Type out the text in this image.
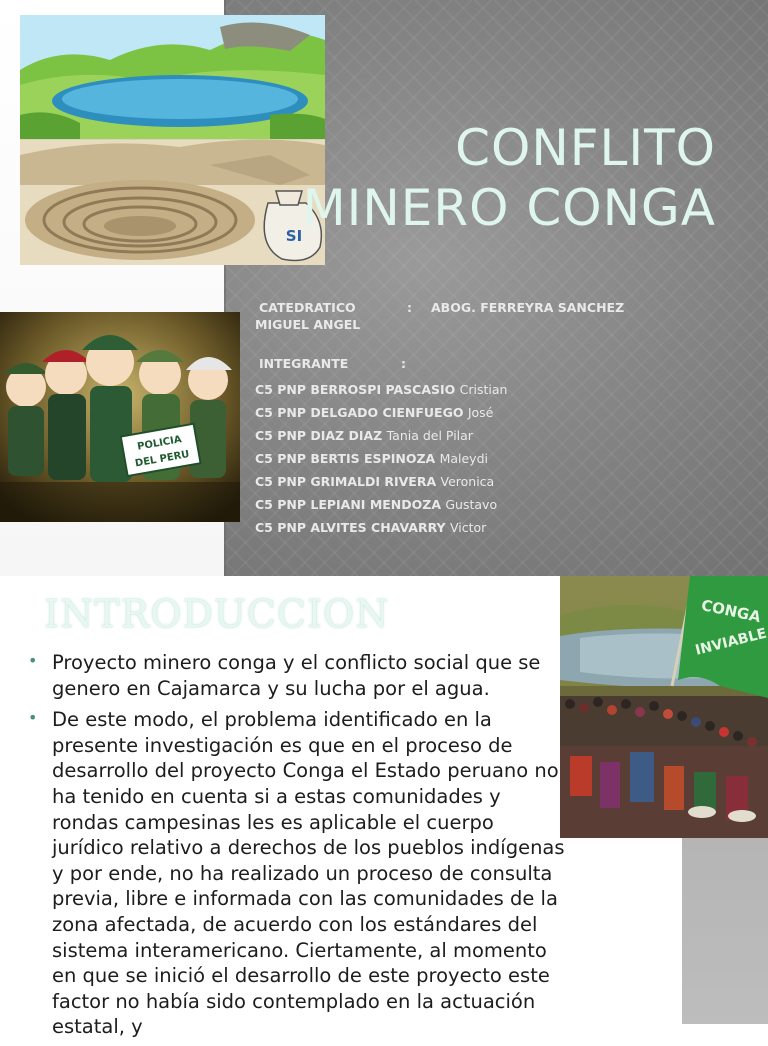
SI
POLICIA
DEL PERU
CONFLITO
MINERO CONGA
CATEDRATICO	: ABOG. FERREYRA SANCHEZ
MIGUEL ANGEL
INTEGRANTE	:
C5 PNP BERROSPI PASCASIO Cristian
C5 PNP DELGADO CIENFUEGO José
C5 PNP DIAZ DIAZ Tania del Pilar
C5 PNP BERTIS ESPINOZA Maleydi
C5 PNP GRIMALDI RIVERA Veronica
C5 PNP LEPIANI MENDOZA Gustavo
C5 PNP ALVITES CHAVARRY Victor
INTRODUCCION	CONGA
INVIABLE
• Proyecto minero conga y el conflicto social que se genero en Cajamarca y su lucha por el agua.
• De este modo, el problema identificado en la presente investigación es que en el proceso de desarrollo del proyecto Conga el Estado peruano no ha tenido en cuenta si a estas comunidades y rondas campesinas les es aplicable el cuerpo jurídico relativo a derechos de los pueblos indígenas y por ende, no ha realizado un proceso de consulta previa, libre e informada con las comunidades de la zona afectada, de acuerdo con los estándares del sistema interamericano. Ciertamente, al momento en que se inició el desarrollo de este proyecto este factor no había sido contemplado en la actuación estatal, y
